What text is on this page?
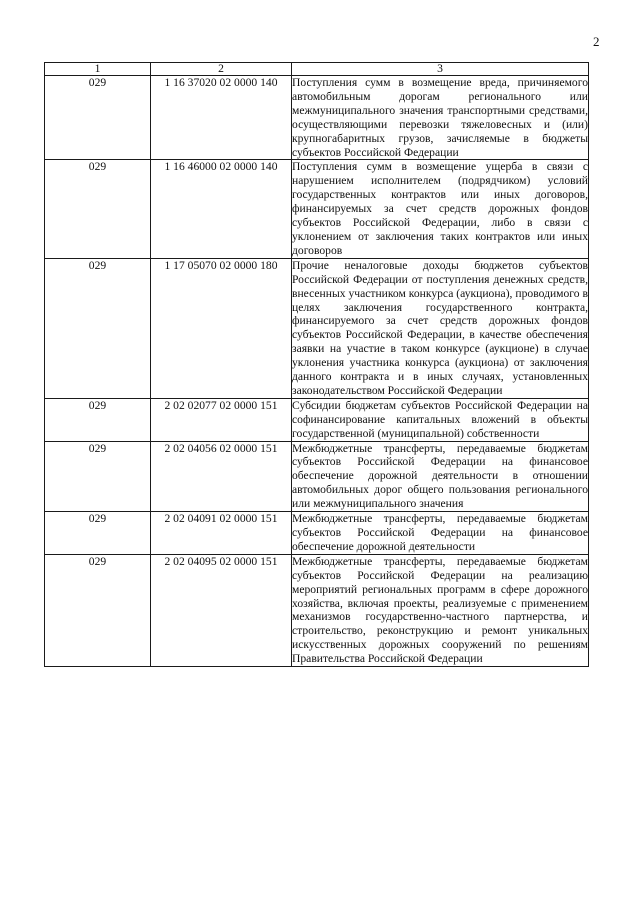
2
1	2	3
029	1 16 37020 02 0000 140	Поступления сумм в возмещение вреда, причиняемого автомобильным дорогам регионального или межмуниципального значения транспортными средствами, осуществляющими перевозки тяжеловесных и (или) крупногабаритных грузов, зачисляемые в бюджеты субъектов Российской Федерации
029	1 16 46000 02 0000 140	Поступления сумм в возмещение ущерба в связи с нарушением исполнителем (подрядчиком) условий государственных контрактов или иных договоров, финансируемых за счет средств дорожных фондов субъектов Российской Федерации, либо в связи с уклонением от заключения таких контрактов или иных договоров
029	1 17 05070 02 0000 180	Прочие неналоговые доходы бюджетов субъектов Российской Федерации от поступления денежных средств, внесенных участником конкурса (аукциона), проводимого в целях заключения государственного контракта, финансируемого за счет средств дорожных фондов субъектов Российской Федерации, в качестве обеспечения заявки на участие в таком конкурсе (аукционе) в случае уклонения участника конкурса (аукциона) от заключения данного контракта и в иных случаях, установленных законодательством Российской Федерации
029	2 02 02077 02 0000 151	Субсидии бюджетам субъектов Российской Федерации на софинансирование капитальных вложений в объекты государственной (муниципальной) собственности
029	2 02 04056 02 0000 151	Межбюджетные трансферты, передаваемые бюджетам субъектов Российской Федерации на финансовое обеспечение дорожной деятельности в отношении автомобильных дорог общего пользования регионального или межмуниципального значения
029	2 02 04091 02 0000 151	Межбюджетные трансферты, передаваемые бюджетам субъектов Российской Федерации на финансовое обеспечение дорожной деятельности
029	2 02 04095 02 0000 151	Межбюджетные трансферты, передаваемые бюджетам субъектов Российской Федерации на реализацию мероприятий региональных программ в сфере дорожного хозяйства, включая проекты, реализуемые с применением механизмов государственно-частного партнерства, и строительство, реконструкцию и ремонт уникальных искусственных дорожных сооружений по решениям Правительства Российской Федерации
